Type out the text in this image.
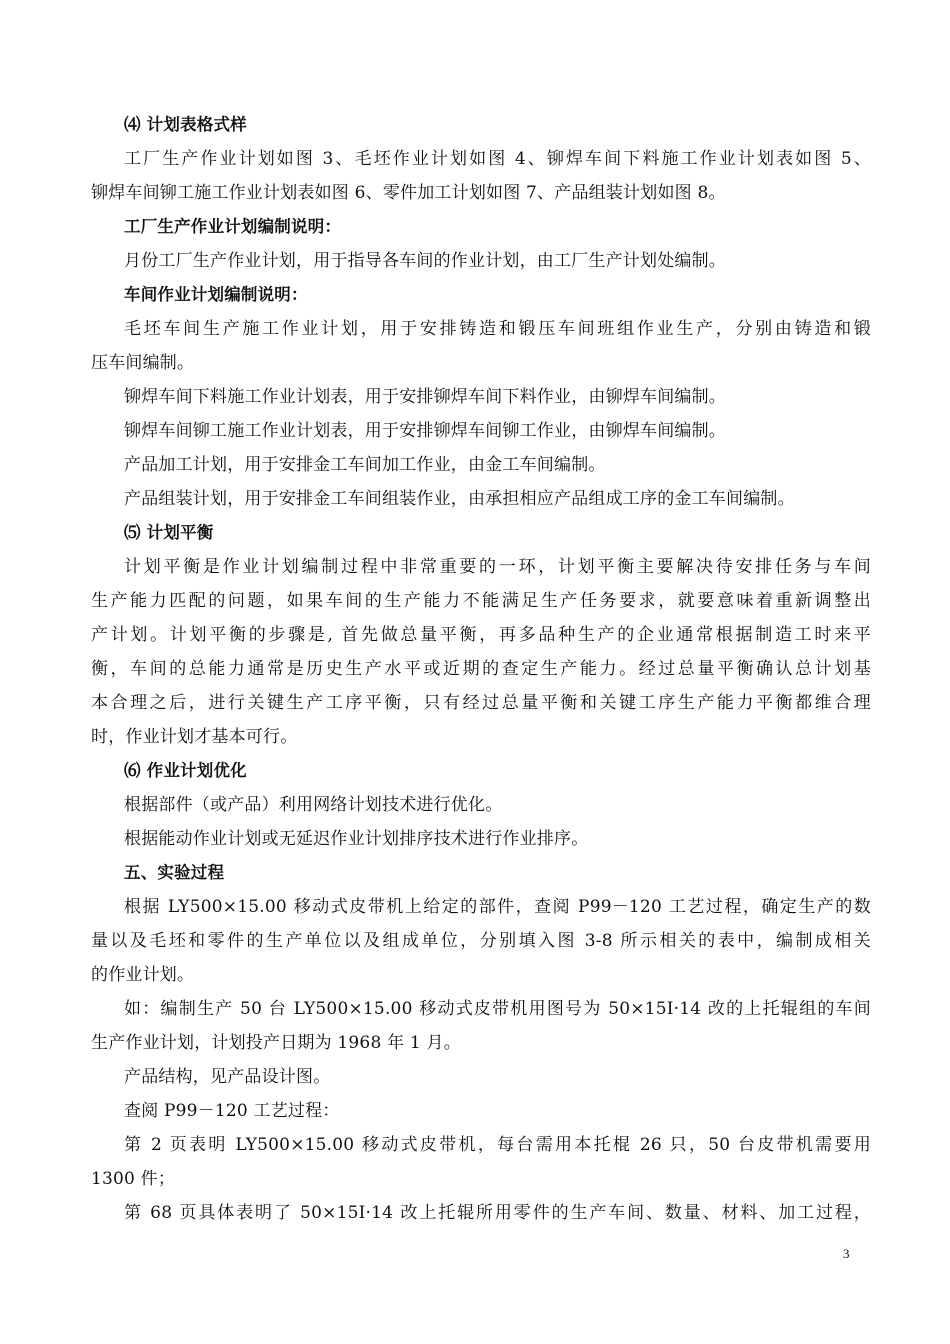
⑷ 计划表格式样

工厂生产作业计划如图 3、毛坯作业计划如图 4、铆焊车间下料施工作业计划表如图 5、

铆焊车间铆工施工作业计划表如图 6、零件加工计划如图 7、产品组装计划如图 8。

工厂生产作业计划编制说明：

月份工厂生产作业计划，用于指导各车间的作业计划，由工厂生产计划处编制。

车间作业计划编制说明：

毛坯车间生产施工作业计划，用于安排铸造和锻压车间班组作业生产，分别由铸造和锻

压车间编制。

铆焊车间下料施工作业计划表，用于安排铆焊车间下料作业，由铆焊车间编制。

铆焊车间铆工施工作业计划表，用于安排铆焊车间铆工作业，由铆焊车间编制。

产品加工计划，用于安排金工车间加工作业，由金工车间编制。

产品组装计划，用于安排金工车间组装作业，由承担相应产品组成工序的金工车间编制。

⑸ 计划平衡

计划平衡是作业计划编制过程中非常重要的一环，计划平衡主要解决待安排任务与车间

生产能力匹配的问题，如果车间的生产能力不能满足生产任务要求，就要意味着重新调整出

产计划。计划平衡的步骤是, 首先做总量平衡，再多品种生产的企业通常根据制造工时来平

衡，车间的总能力通常是历史生产水平或近期的查定生产能力。经过总量平衡确认总计划基

本合理之后，进行关键生产工序平衡，只有经过总量平衡和关键工序生产能力平衡都维合理

时，作业计划才基本可行。

⑹ 作业计划优化

根据部件（或产品）利用网络计划技术进行优化。

根据能动作业计划或无延迟作业计划排序技术进行作业排序。

五、实验过程

根据 LY500×15.00 移动式皮带机上给定的部件，查阅 P99－120 工艺过程，确定生产的数

量以及毛坯和零件的生产单位以及组成单位，分别填入图 3-8 所示相关的表中，编制成相关

的作业计划。

如：编制生产 50 台 LY500×15.00 移动式皮带机用图号为 50×15I·14 改的上托辊组的车间

生产作业计划，计划投产日期为 1968 年 1 月。

产品结构，见产品设计图。

查阅 P99－120 工艺过程：

第 2 页表明 LY500×15.00 移动式皮带机，每台需用本托棍 26 只，50 台皮带机需要用

1300 件；

第 68 页具体表明了 50×15I·14 改上托辊所用零件的生产车间、数量、材料、加工过程，

3
